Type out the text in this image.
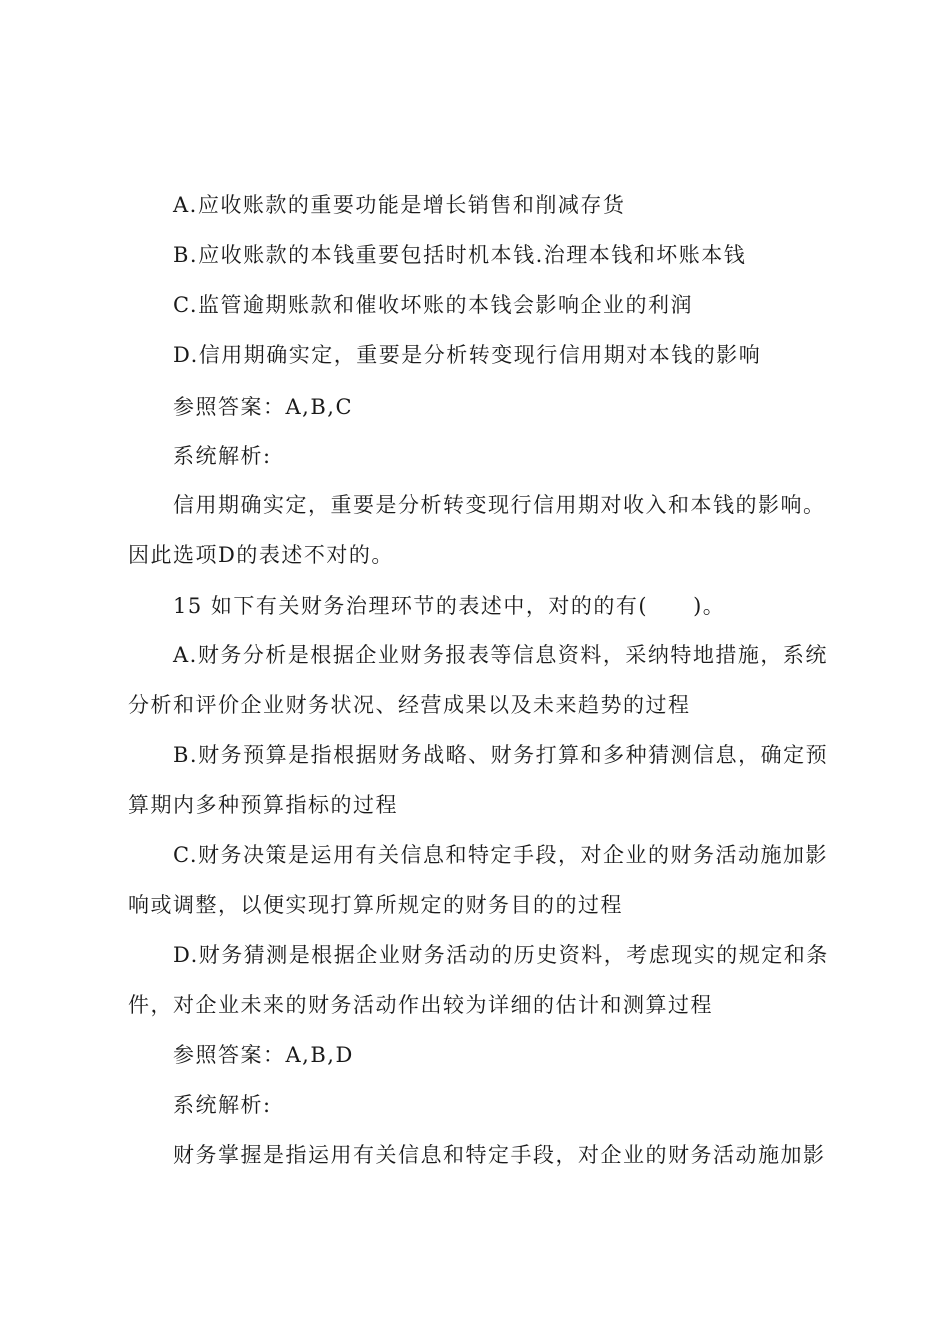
A.应收账款的重要功能是增长销售和削减存货
B.应收账款的本钱重要包括时机本钱.治理本钱和坏账本钱
C.监管逾期账款和催收坏账的本钱会影响企业的利润
D.信用期确实定，重要是分析转变现行信用期对本钱的影响
参照答案：A,B,C
系统解析:
信用期确实定，重要是分析转变现行信用期对收入和本钱的影响。
因此选项D的表述不对的。
15 如下有关财务治理环节的表述中，对的的有(　　)。
A.财务分析是根据企业财务报表等信息资料，采纳特地措施，系统
分析和评价企业财务状况、经营成果以及未来趋势的过程
B.财务预算是指根据财务战略、财务打算和多种猜测信息，确定预
算期内多种预算指标的过程
C.财务决策是运用有关信息和特定手段，对企业的财务活动施加影
响或调整，以便实现打算所规定的财务目的的过程
D.财务猜测是根据企业财务活动的历史资料，考虑现实的规定和条
件，对企业未来的财务活动作出较为详细的估计和测算过程
参照答案：A,B,D
系统解析:
财务掌握是指运用有关信息和特定手段，对企业的财务活动施加影
